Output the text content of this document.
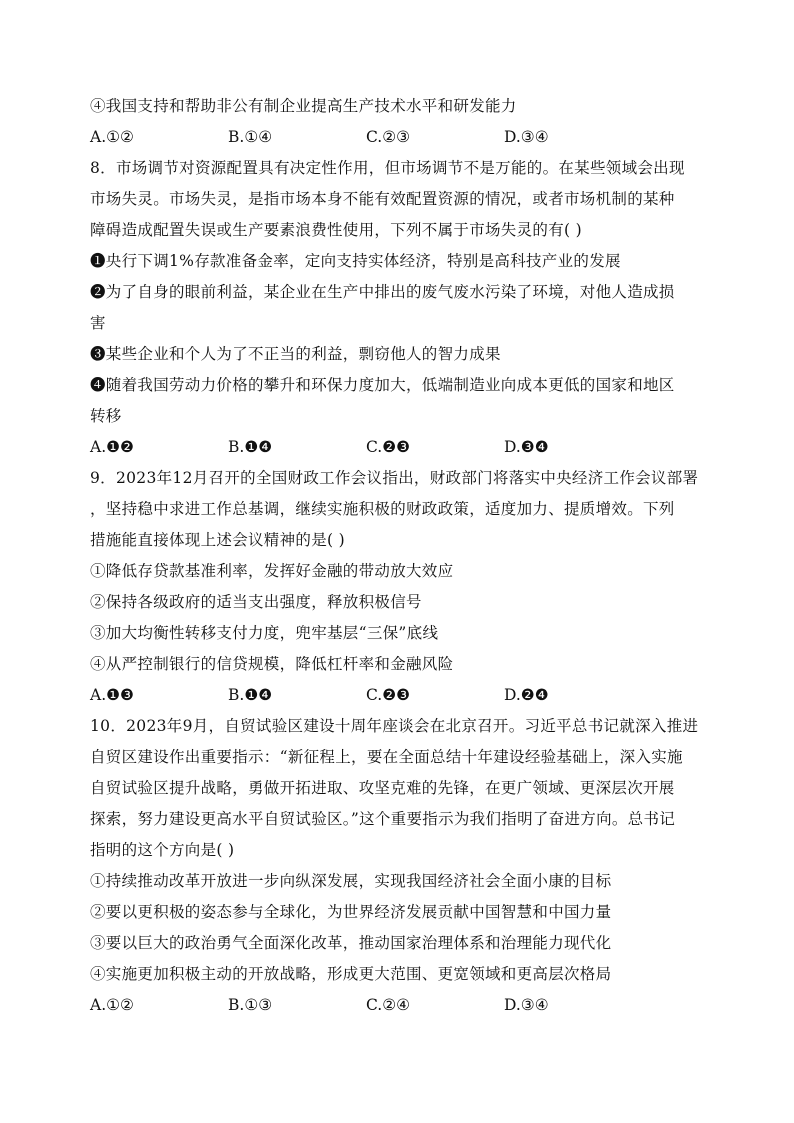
④我国支持和帮助非公有制企业提高生产技术水平和研发能力
A.①②	B.①④	C.②③	D.③④
8．市场调节对资源配置具有决定性作用，但市场调节不是万能的。在某些领域会出现
市场失灵。市场失灵，是指市场本身不能有效配置资源的情况，或者市场机制的某种
障碍造成配置失误或生产要素浪费性使用，下列不属于市场失灵的有( )
❶央行下调1%存款准备金率，定向支持实体经济，特别是高科技产业的发展
❷为了自身的眼前利益，某企业在生产中排出的废气废水污染了环境，对他人造成损
害
❸某些企业和个人为了不正当的利益，剽窃他人的智力成果
❹随着我国劳动力价格的攀升和环保力度加大，低端制造业向成本更低的国家和地区
转移
A.❶❷	B.❶❹	C.❷❸	D.❸❹
9．2023年12月召开的全国财政工作会议指出，财政部门将落实中央经济工作会议部署
，坚持稳中求进工作总基调，继续实施积极的财政政策，适度加力、提质增效。下列
措施能直接体现上述会议精神的是( )
①降低存贷款基准利率，发挥好金融的带动放大效应
②保持各级政府的适当支出强度，释放积极信号
③加大均衡性转移支付力度，兜牢基层“三保”底线
④从严控制银行的信贷规模，降低杠杆率和金融风险
A.❶❸	B.❶❹	C.❷❸	D.❷❹
10．2023年9月，自贸试验区建设十周年座谈会在北京召开。习近平总书记就深入推进
自贸区建设作出重要指示：“新征程上，要在全面总结十年建设经验基础上，深入实施
自贸试验区提升战略，勇做开拓进取、攻坚克难的先锋，在更广领域、更深层次开展
探索，努力建设更高水平自贸试验区。”这个重要指示为我们指明了奋进方向。总书记
指明的这个方向是( )
①持续推动改革开放进一步向纵深发展，实现我国经济社会全面小康的目标
②要以更积极的姿态参与全球化，为世界经济发展贡献中国智慧和中国力量
③要以巨大的政治勇气全面深化改革，推动国家治理体系和治理能力现代化
④实施更加积极主动的开放战略，形成更大范围、更宽领域和更高层次格局
A.①②	B.①③	C.②④	D.③④
